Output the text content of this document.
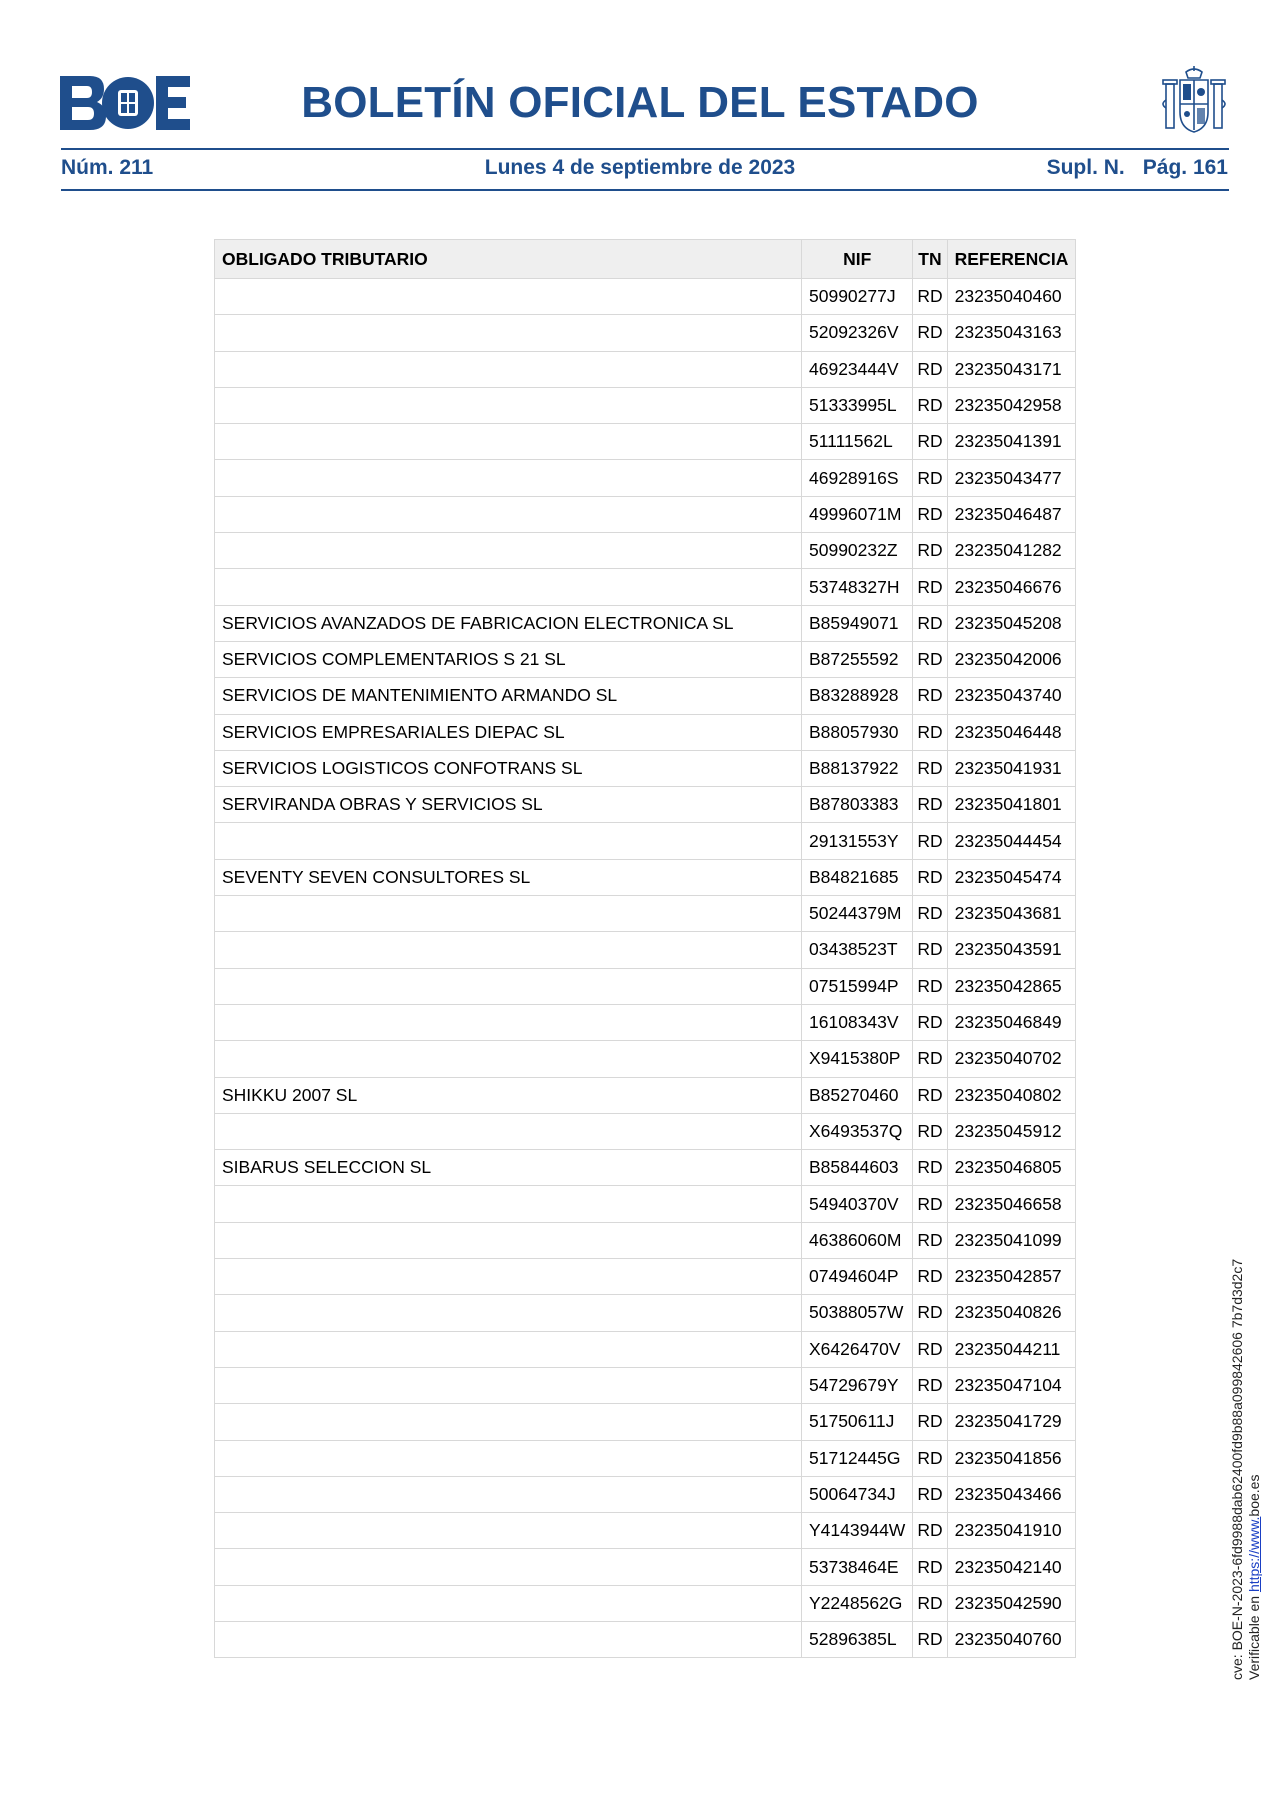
BOLETÍN OFICIAL DEL ESTADO
Núm. 211	Lunes 4 de septiembre de 2023	Supl. N. Pág. 161
OBLIGADO TRIBUTARIO	NIF	TN	REFERENCIA
	50990277J	RD	23235040460
	52092326V	RD	23235043163
	46923444V	RD	23235043171
	51333995L	RD	23235042958
	51111562L	RD	23235041391
	46928916S	RD	23235043477
	49996071M	RD	23235046487
	50990232Z	RD	23235041282
	53748327H	RD	23235046676
SERVICIOS AVANZADOS DE FABRICACION ELECTRONICA SL	B85949071	RD	23235045208
SERVICIOS COMPLEMENTARIOS S 21 SL	B87255592	RD	23235042006
SERVICIOS DE MANTENIMIENTO ARMANDO SL	B83288928	RD	23235043740
SERVICIOS EMPRESARIALES DIEPAC SL	B88057930	RD	23235046448
SERVICIOS LOGISTICOS CONFOTRANS SL	B88137922	RD	23235041931
SERVIRANDA OBRAS Y SERVICIOS SL	B87803383	RD	23235041801
	29131553Y	RD	23235044454
SEVENTY SEVEN CONSULTORES SL	B84821685	RD	23235045474
	50244379M	RD	23235043681
	03438523T	RD	23235043591
	07515994P	RD	23235042865
	16108343V	RD	23235046849
	X9415380P	RD	23235040702
SHIKKU 2007 SL	B85270460	RD	23235040802
	X6493537Q	RD	23235045912
SIBARUS SELECCION SL	B85844603	RD	23235046805
	54940370V	RD	23235046658
	46386060M	RD	23235041099
	07494604P	RD	23235042857
	50388057W	RD	23235040826
	X6426470V	RD	23235044211
	54729679Y	RD	23235047104
	51750611J	RD	23235041729
	51712445G	RD	23235041856
	50064734J	RD	23235043466
	Y4143944W	RD	23235041910
	53738464E	RD	23235042140
	Y2248562G	RD	23235042590
	52896385L	RD	23235040760	cve: BOE-N-2023-6fd9988dab62400fd9b88a099842606 7b7d3d2c7 Verificable en https://www.boe.es
